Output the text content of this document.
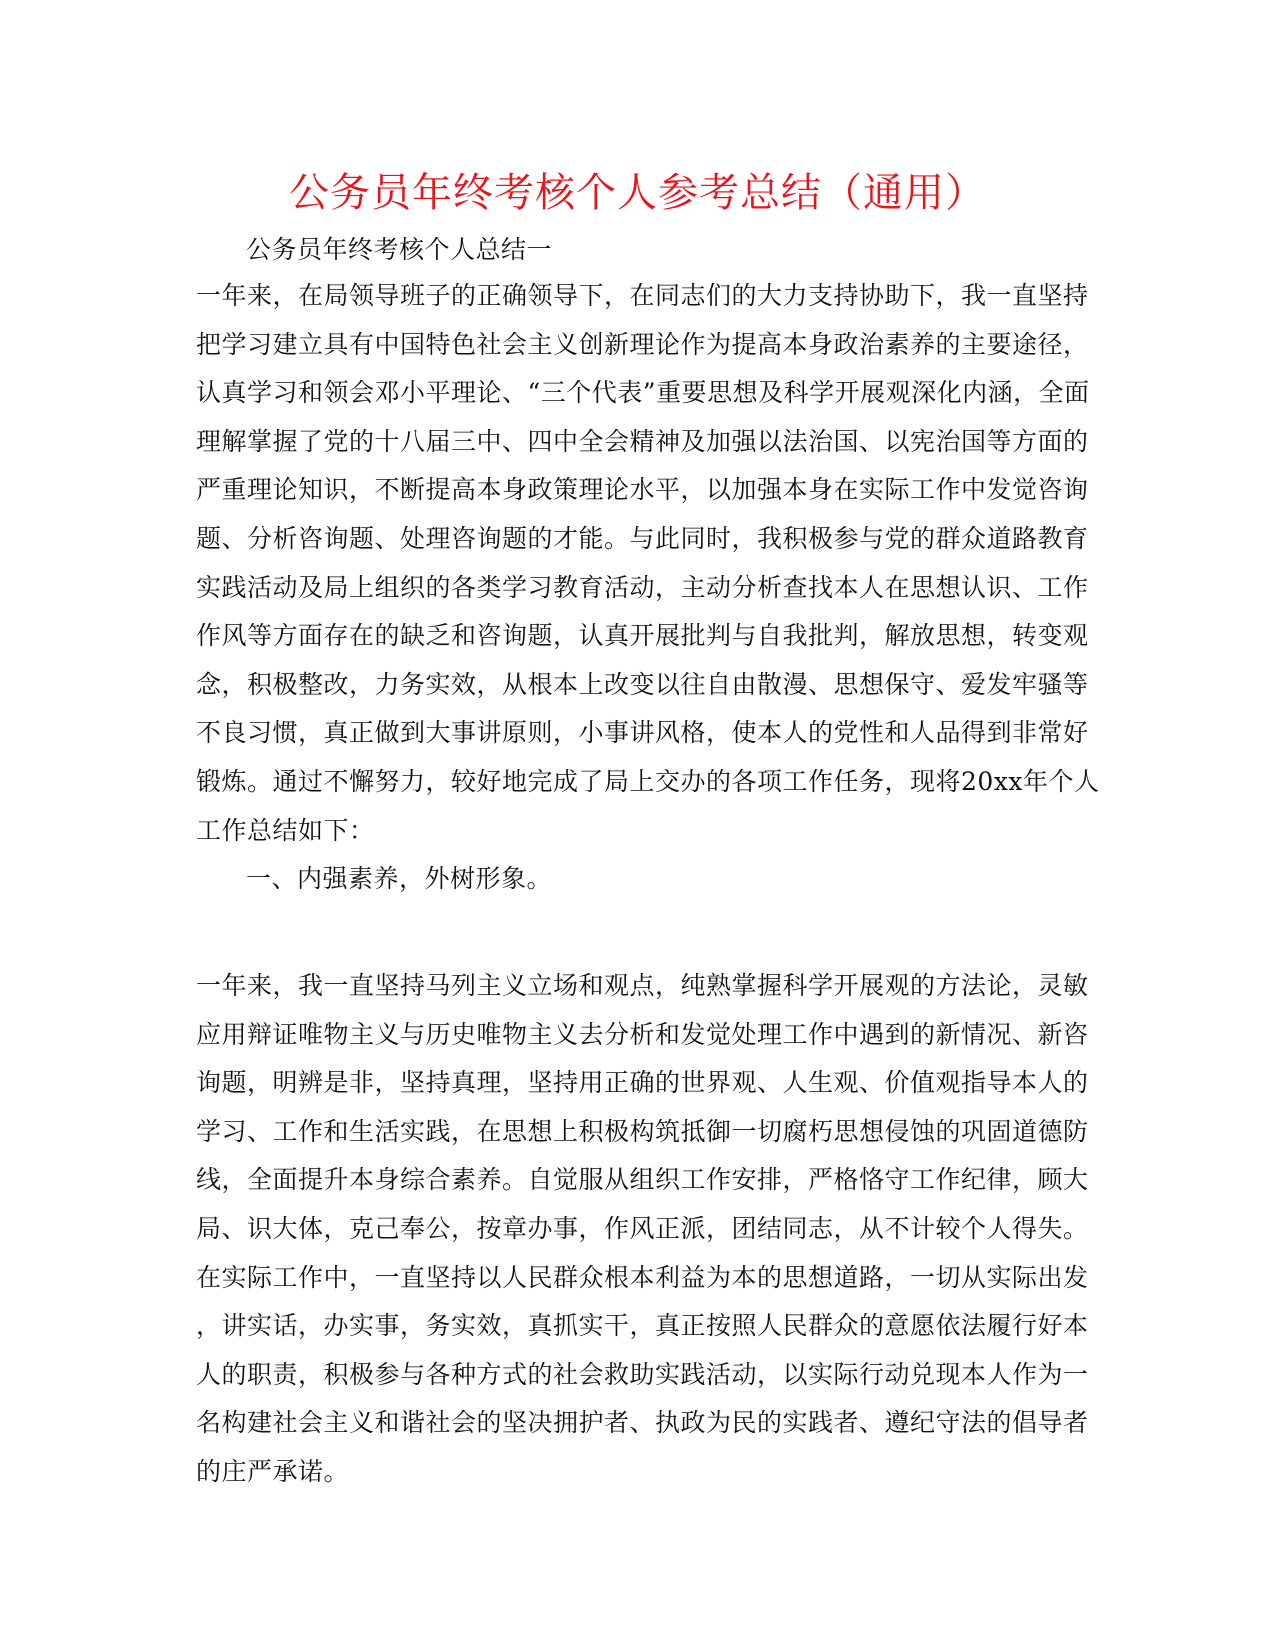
公务员年终考核个人参考总结（通用）
公务员年终考核个人总结一
一年来，在局领导班子的正确领导下，在同志们的大力支持协助下，我一直坚持
把学习建立具有中国特色社会主义创新理论作为提高本身政治素养的主要途径，
认真学习和领会邓小平理论、“三个代表”重要思想及科学开展观深化内涵，全面
理解掌握了党的十八届三中、四中全会精神及加强以法治国、以宪治国等方面的
严重理论知识，不断提高本身政策理论水平，以加强本身在实际工作中发觉咨询
题、分析咨询题、处理咨询题的才能。与此同时，我积极参与党的群众道路教育
实践活动及局上组织的各类学习教育活动，主动分析查找本人在思想认识、工作
作风等方面存在的缺乏和咨询题，认真开展批判与自我批判，解放思想，转变观
念，积极整改，力务实效，从根本上改变以往自由散漫、思想保守、爱发牢骚等
不良习惯，真正做到大事讲原则，小事讲风格，使本人的党性和人品得到非常好
锻炼。通过不懈努力，较好地完成了局上交办的各项工作任务，现将20xx年个人
工作总结如下：
一、内强素养，外树形象。
一年来，我一直坚持马列主义立场和观点，纯熟掌握科学开展观的方法论，灵敏
应用辩证唯物主义与历史唯物主义去分析和发觉处理工作中遇到的新情况、新咨
询题，明辨是非，坚持真理，坚持用正确的世界观、人生观、价值观指导本人的
学习、工作和生活实践，在思想上积极构筑抵御一切腐朽思想侵蚀的巩固道德防
线，全面提升本身综合素养。自觉服从组织工作安排，严格恪守工作纪律，顾大
局、识大体，克己奉公，按章办事，作风正派，团结同志，从不计较个人得失。
在实际工作中，一直坚持以人民群众根本利益为本的思想道路，一切从实际出发
，讲实话，办实事，务实效，真抓实干，真正按照人民群众的意愿依法履行好本
人的职责，积极参与各种方式的社会救助实践活动，以实际行动兑现本人作为一
名构建社会主义和谐社会的坚决拥护者、执政为民的实践者、遵纪守法的倡导者
的庄严承诺。
